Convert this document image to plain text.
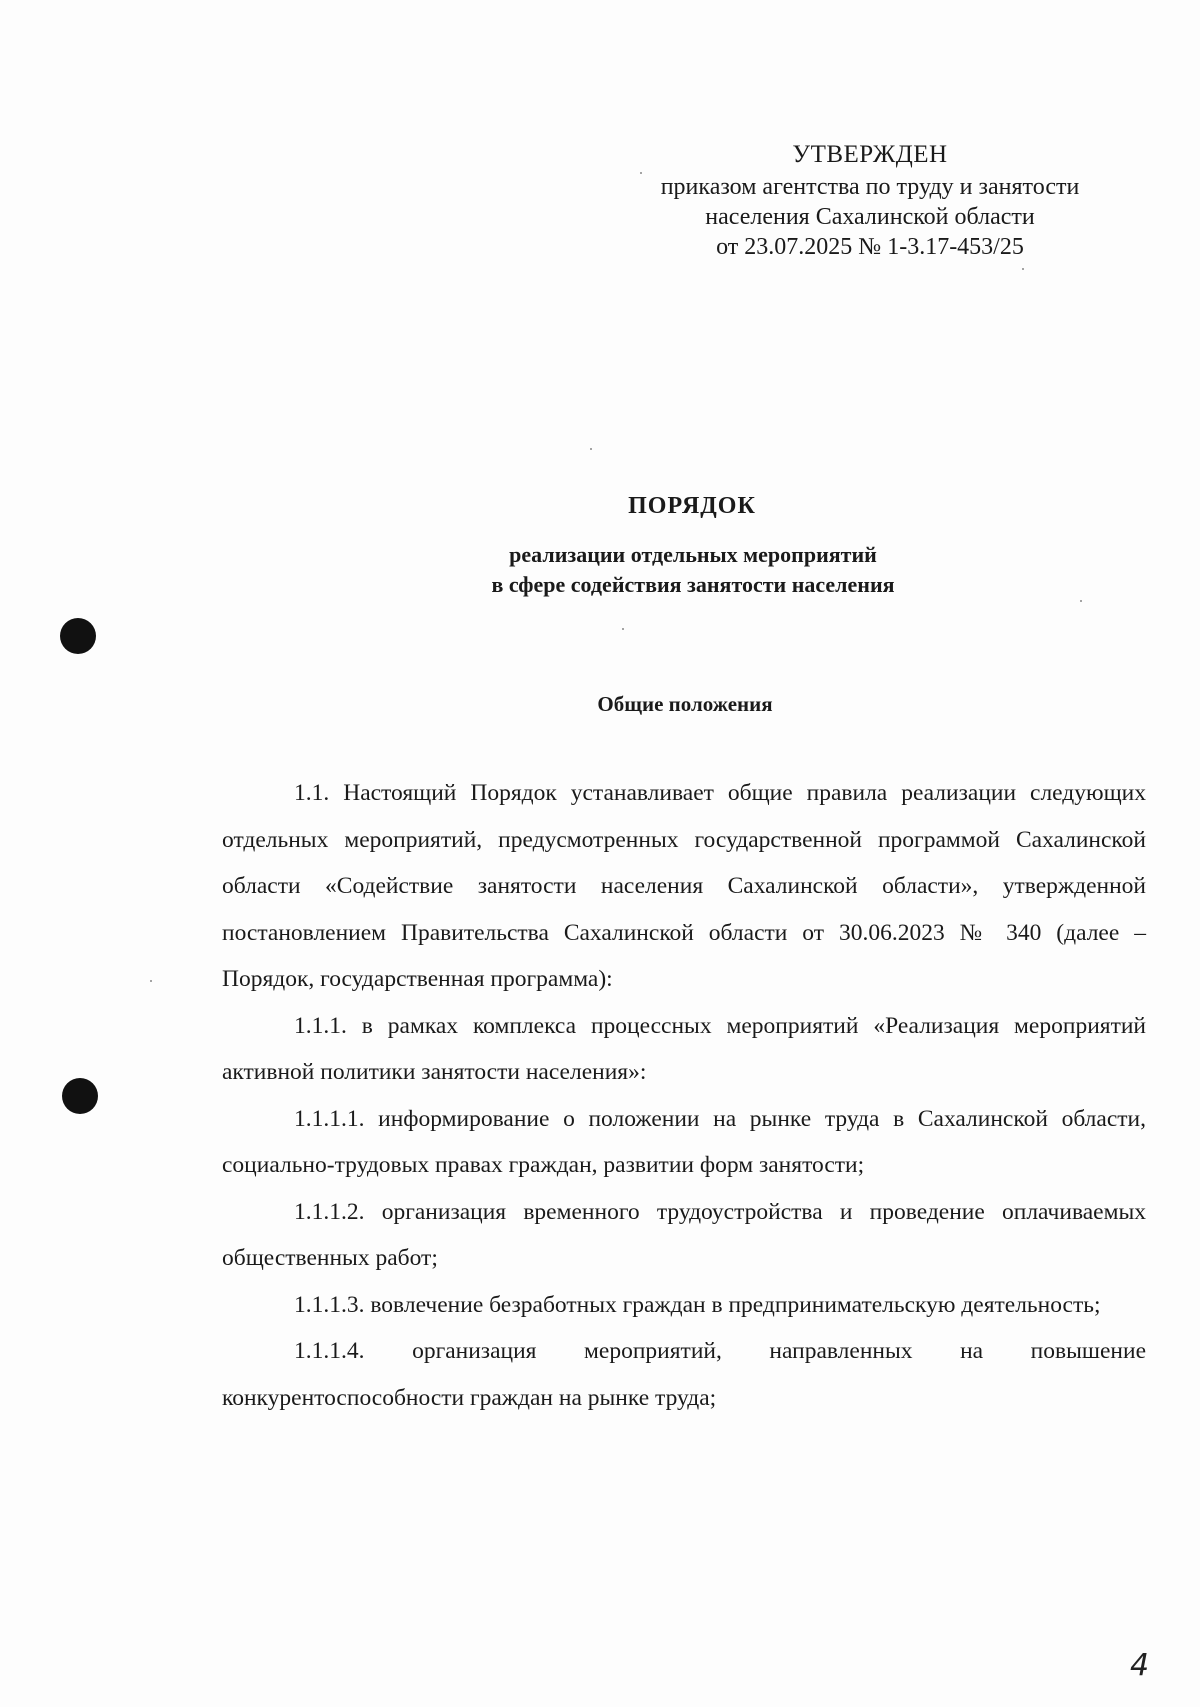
УТВЕРЖДЕН
приказом агентства по труду и занятости
населения Сахалинской области
от 23.07.2025 № 1-3.17-453/25
ПОРЯДОК
реализации отдельных мероприятий
в сфере содействия занятости населения
Общие положения

1.1. Настоящий Порядок устанавливает общие правила реализации следующих отдельных мероприятий, предусмотренных государственной программой Сахалинской области «Содействие занятости населения Сахалинской области», утвержденной постановлением Правительства Сахалинской области от 30.06.2023 № 340 (далее – Порядок, государственная программа):

1.1.1. в рамках комплекса процессных мероприятий «Реализация мероприятий активной политики занятости населения»:

1.1.1.1. информирование о положении на рынке труда в Сахалинской области, социально-трудовых правах граждан, развитии форм занятости;

1.1.1.2. организация временного трудоустройства и проведение оплачиваемых общественных работ;

1.1.1.3. вовлечение безработных граждан в предпринимательскую деятельность;

1.1.1.4. организация мероприятий, направленных на повышение конкурентоспособности граждан на рынке труда;

4
